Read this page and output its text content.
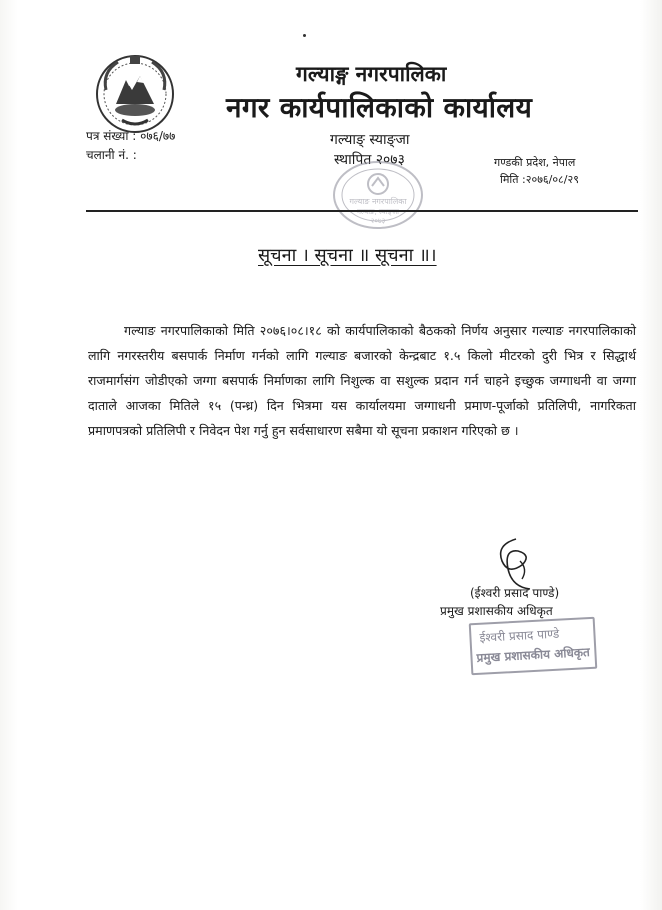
गल्याङ्ग नगरपालिका
नगर कार्यपालिकाको कार्यालय
गल्याङ् स्याङ्जा
स्थापित २०७३
पत्र संख्या : ०७६/७७
चलानी नं. :
गण्डकी प्रदेश, नेपाल
मिति :२०७६/०८/२९
गल्याङ नगरपालिका
गल्याङ, स्याङ्जा
२०७३
सूचना । सूचना ॥ सूचना ॥।
गल्याङ नगरपालिकाको मिति २०७६।०८।१८ को कार्यपालिकाको बैठकको निर्णय अनुसार गल्याङ नगरपालिकाको लागि नगरस्तरीय बसपार्क निर्माण गर्नको लागि गल्याङ बजारको केन्द्रबाट १.५ किलो मीटरको दुरी भित्र र सिद्धार्थ राजमार्गसंग जोडीएको जग्गा बसपार्क निर्माणका लागि निशुल्क वा सशुल्क प्रदान गर्न चाहने इच्छुक जग्गाधनी वा जग्गा दाताले आजका मितिले १५ (पन्ध्र) दिन भित्रमा यस कार्यालयमा जग्गाधनी प्रमाण-पूर्जाको प्रतिलिपी, नागरिकता प्रमाणपत्रको प्रतिलिपी र निवेदन पेश गर्नु हुन सर्वसाधारण सबैमा यो सूचना प्रकाशन गरिएको छ ।
(ईश्वरी प्रसाद पाण्डे)
प्रमुख प्रशासकीय अधिकृत
ईश्वरी प्रसाद पाण्डे
प्रमुख प्रशासकीय अधिकृत
